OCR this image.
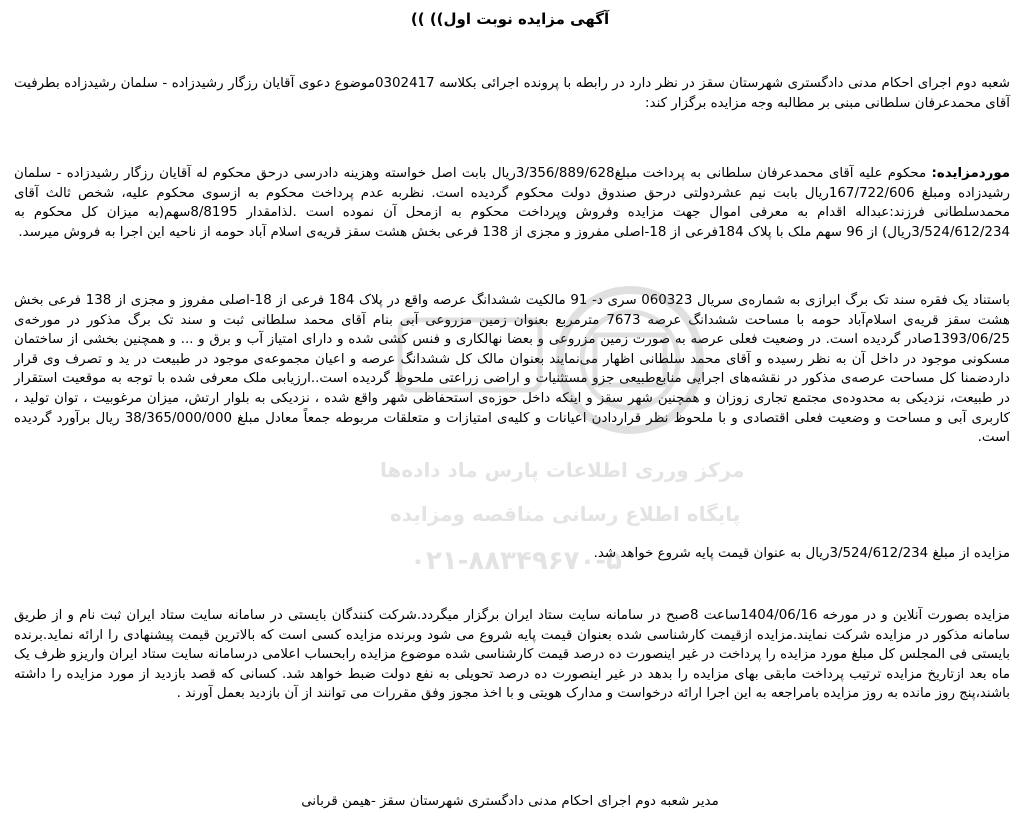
آگهی مزایده نوبت اول)) ))
شعبه دوم اجرای احکام مدنی دادگستری شهرستان سقز در نظر دارد در رابطه با پرونده اجرائی بکلاسه 0302417موضوع دعوی آقایان رزگار رشیدزاده - سلمان رشیدزاده بطرفیت آقای محمدعرفان سلطانی مبنی بر مطالبه وجه مزایده برگزار کند:
موردمزایده: محکوم علیه آقای محمدعرفان سلطانی به پرداخت مبلغ3/356/889/628ریال بابت اصل خواسته وهزینه دادرسی درحق محکوم له آقایان رزگار رشیدزاده - سلمان رشیدزاده ومبلغ 167/722/606ریال بابت نیم عشردولتی درحق صندوق دولت محکوم گردیده است. نظربه عدم پرداخت محکوم به ازسوی محکوم علیه، شخص ثالث آقای محمدسلطانی فرزند:عبداله اقدام به معرفی اموال جهت مزایده وفروش وپرداخت محکوم به ازمحل آن نموده است .لذامقدار 8/8195سهم(به میزان کل محکوم به 3/524/612/234ریال) از 96 سهم ملک با پلاک 184فرعی از 18-اصلی مفروز و مجزی از 138 فرعی بخش هشت سقز قریه‌ی اسلام آباد حومه از ناحیه این اجرا به فروش میرسد.
باستناد یک فقره سند تک برگ ابرازی به شماره‌ی سریال 060323 سری د- 91 مالکیت ششدانگ عرصه واقع در پلاک 184 فرعی از 18-اصلی مفروز و مجزی از 138 فرعی بخش هشت سقز قریه‌ی اسلام‌آباد حومه با مساحت ششدانگ عرصه 7673 مترمربع بعنوان زمین مزروعی آبی بنام آقای محمد سلطانی ثبت و سند تک برگ مذکور در مورخه‌ی 1393/06/25صادر گردیده است. در وضعیت فعلی عرصه به صورت زمین مزروعی و بعضا نهالکاری و فنس کشی شده و دارای امتیاز آب و برق و ... و همچنین بخشی از ساختمان مسکونی موجود در داخل آن به نظر رسیده و آقای محمد سلطانی اظهار می‌نمایند بعنوان مالک کل ششدانگ عرصه و اعیان مجموعه‌ی موجود در طبیعت در ید و تصرف وی قرار داردضمنا کل مساحت عرصه‌ی مذکور در نقشه‌های اجرایی منابع‌طبیعی جزو مستثنیات و اراضی زراعتی ملحوظ گردیده است..ارزیابی ملک معرفی شده با توجه به موقعیت استقرار در طبیعت، نزدیکی به محدوده‌ی مجتمع تجاری زوزان و همچنین شهر سقز و اینکه داخل حوزه‌ی استحفاظی شهر واقع شده ، نزدیکی به بلوار ارتش، میزان مرغوبیت ، توان تولید ، کاربری آبی و مساحت و وضعیت فعلی اقتصادی و با ملحوظ نظر قراردادن اعیانات و کلیه‌ی امتیازات و متعلقات مربوطه جمعاً معادل مبلغ 38/365/000/000 ریال برآورد گردیده است.
مزایده از مبلغ 3/524/612/234ریال به عنوان قیمت پایه شروع خواهد شد.
مزایده بصورت آنلاین و در مورخه 1404/06/16ساعت 8صبح در سامانه سایت ستاد ایران برگزار میگردد.شرکت کنندگان بایستی در سامانه سایت ستاد ایران ثبت نام و از طریق سامانه مذکور در مزایده شرکت نمایند.مزایده ازقیمت کارشناسی شده بعنوان قیمت پایه شروع می شود وبرنده مزایده کسی است که بالاترین قیمت پیشنهادی را ارائه نماید.برنده بایستی فی المجلس کل مبلغ مورد مزایده را پرداخت در غیر اینصورت ده درصد قیمت کارشناسی شده موضوع مزایده رابحساب اعلامی درسامانه سایت ستاد ایران واریزو ظرف یک ماه بعد ازتاریخ مزایده ترتیب پرداخت مابقی بهای مزایده را بدهد در غیر اینصورت ده درصد تحویلی به نفع دولت ضبط خواهد شد. کسانی که قصد بازدید از مورد مزایده را داشته باشند،پنج روز مانده به روز مزایده بامراجعه به این اجرا ارائه درخواست و مدارک هویتی و با اخذ مجوز وفق مقررات می توانند از آن بازدید بعمل آورند .
مدیر شعبه دوم اجرای احکام مدنی دادگستری شهرستان سقز -هیمن قربانی
مرکز ورری اطلاعات پارس ماد داده‌ها
پایگاه اطلاع رسانی مناقصه ومزایده
۰۲۱-۸۸۳۴۹۶۷۰-۵
